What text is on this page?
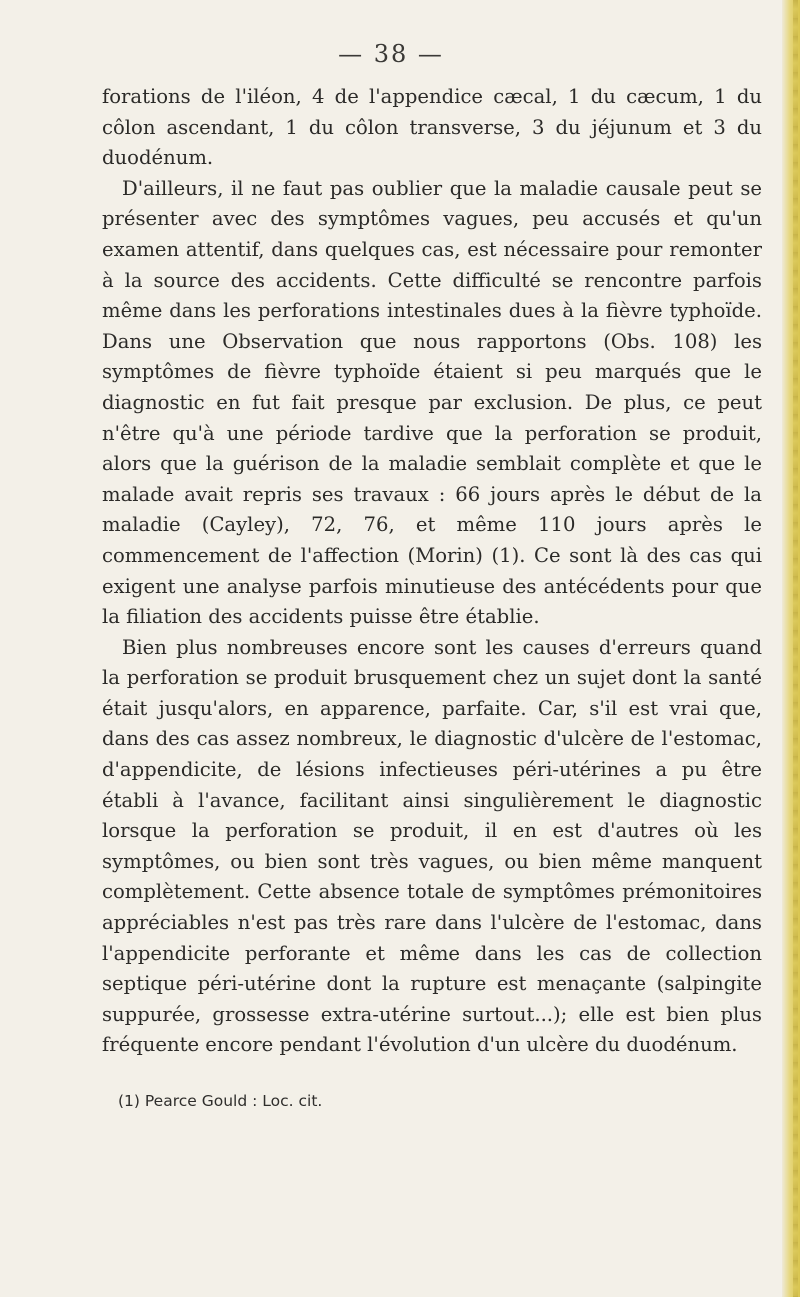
— 38 —

forations de l'iléon, 4 de l'appendice cæcal, 1 du cæcum, 1 du côlon ascendant, 1 du côlon transverse, 3 du jéjunum et 3 du duodénum.

D'ailleurs, il ne faut pas oublier que la maladie causale peut se présenter avec des symptômes vagues, peu accusés et qu'un examen attentif, dans quelques cas, est nécessaire pour remonter à la source des accidents. Cette difficulté se rencontre parfois même dans les perforations intestinales dues à la fièvre typhoïde. Dans une Observation que nous rapportons (Obs. 108) les symptômes de fièvre typhoïde étaient si peu marqués que le diagnostic en fut fait presque par exclusion. De plus, ce peut n'être qu'à une période tardive que la perforation se produit, alors que la guérison de la maladie semblait complète et que le malade avait repris ses travaux : 66 jours après le début de la maladie (Cayley), 72, 76, et même 110 jours après le commencement de l'affection (Morin) (1). Ce sont là des cas qui exigent une analyse parfois minutieuse des antécédents pour que la filiation des accidents puisse être établie.

Bien plus nombreuses encore sont les causes d'erreurs quand la perforation se produit brusquement chez un sujet dont la santé était jusqu'alors, en apparence, parfaite. Car, s'il est vrai que, dans des cas assez nombreux, le diagnostic d'ulcère de l'estomac, d'appendicite, de lésions infectieuses péri-utérines a pu être établi à l'avance, facilitant ainsi singulièrement le diagnostic lorsque la perforation se produit, il en est d'autres où les symptômes, ou bien sont très vagues, ou bien même manquent complètement. Cette absence totale de symptômes prémonitoires appréciables n'est pas très rare dans l'ulcère de l'estomac, dans l'appendicite perforante et même dans les cas de collection septique péri-utérine dont la rupture est menaçante (salpingite suppurée, grossesse extra-utérine surtout...); elle est bien plus fréquente encore pendant l'évolution d'un ulcère du duodénum.

(1) Pearce Gould : Loc. cit.
